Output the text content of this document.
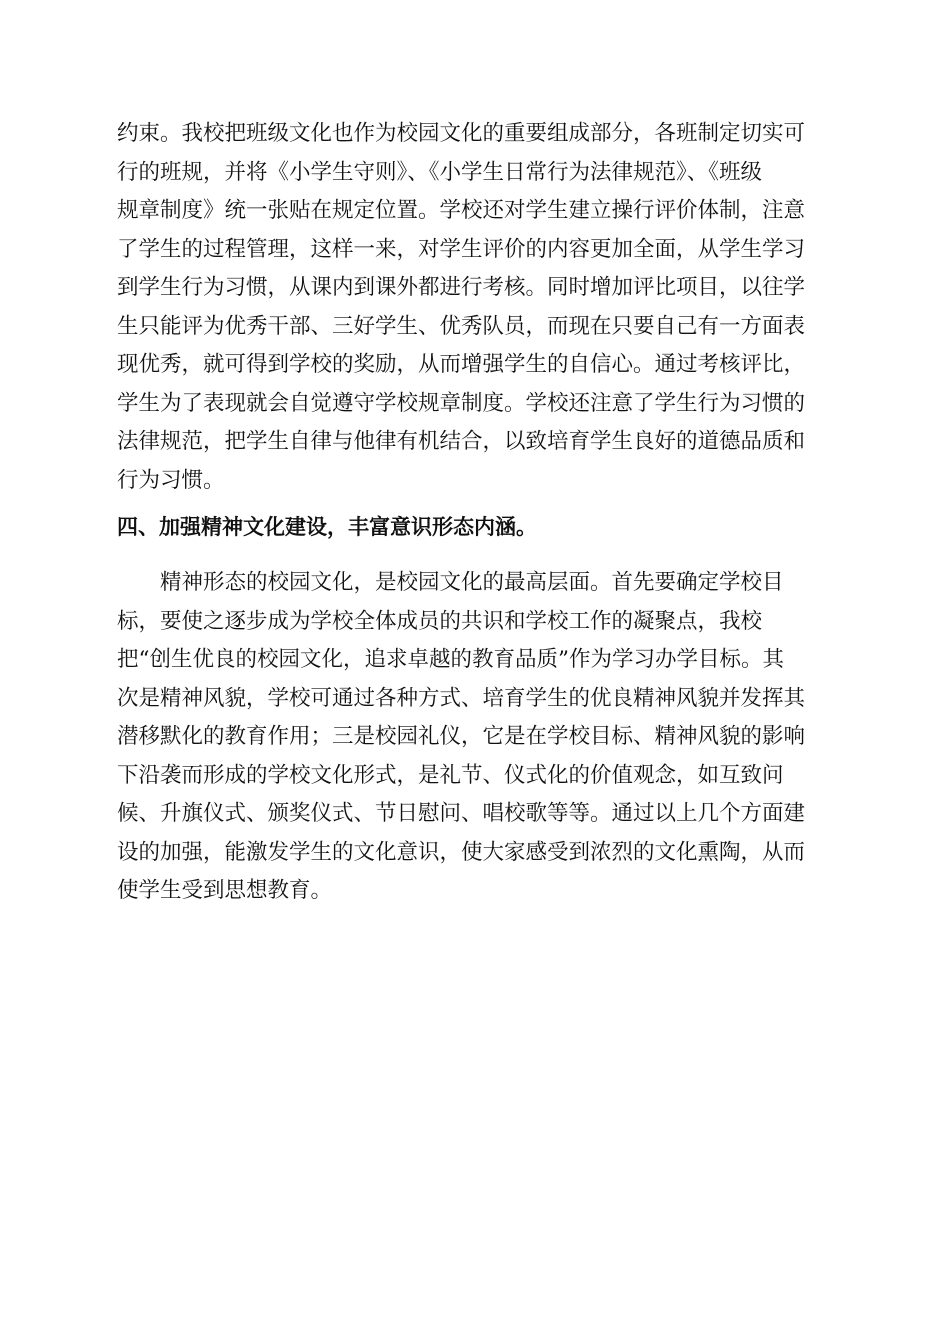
约束。我校把班级文化也作为校园文化的重要组成部分，各班制定切实可
行的班规，并将《小学生守则》、《小学生日常行为法律规范》、《班级
规章制度》统一张贴在规定位置。学校还对学生建立操行评价体制，注意
了学生的过程管理，这样一来，对学生评价的内容更加全面，从学生学习
到学生行为习惯，从课内到课外都进行考核。同时增加评比项目，以往学
生只能评为优秀干部、三好学生、优秀队员，而现在只要自己有一方面表
现优秀，就可得到学校的奖励，从而增强学生的自信心。通过考核评比，
学生为了表现就会自觉遵守学校规章制度。学校还注意了学生行为习惯的
法律规范，把学生自律与他律有机结合，以致培育学生良好的道德品质和
行为习惯。
四、加强精神文化建设，丰富意识形态内涵。
　　精神形态的校园文化，是校园文化的最高层面。首先要确定学校目
标，要使之逐步成为学校全体成员的共识和学校工作的凝聚点，我校
把“创生优良的校园文化，追求卓越的教育品质”作为学习办学目标。其
次是精神风貌，学校可通过各种方式、培育学生的优良精神风貌并发挥其
潜移默化的教育作用；三是校园礼仪，它是在学校目标、精神风貌的影响
下沿袭而形成的学校文化形式，是礼节、仪式化的价值观念，如互致问
候、升旗仪式、颁奖仪式、节日慰问、唱校歌等等。通过以上几个方面建
设的加强，能激发学生的文化意识，使大家感受到浓烈的文化熏陶，从而
使学生受到思想教育。
